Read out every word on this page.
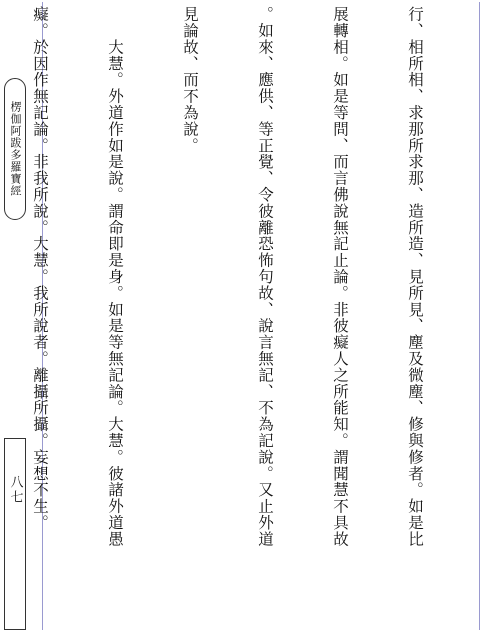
行、相所相、求那所求那、造所造、見所見、塵及微塵、修與修者。如是比

展轉相。如是等問、而言佛說無記止論。非彼癡人之所能知。謂聞慧不具故

。如來、應供、等正覺、令彼離恐怖句故、說言無記、不為記說。又止外道

見論故、而不為說。

　　大慧。外道作如是說。謂命即是身。如是等無記論。大慧。彼諸外道愚

癡。於因作無記論。非我所說。大慧。我所說者。離攝所攝。妄想不生。

楞伽阿跋多羅寶經
八七
